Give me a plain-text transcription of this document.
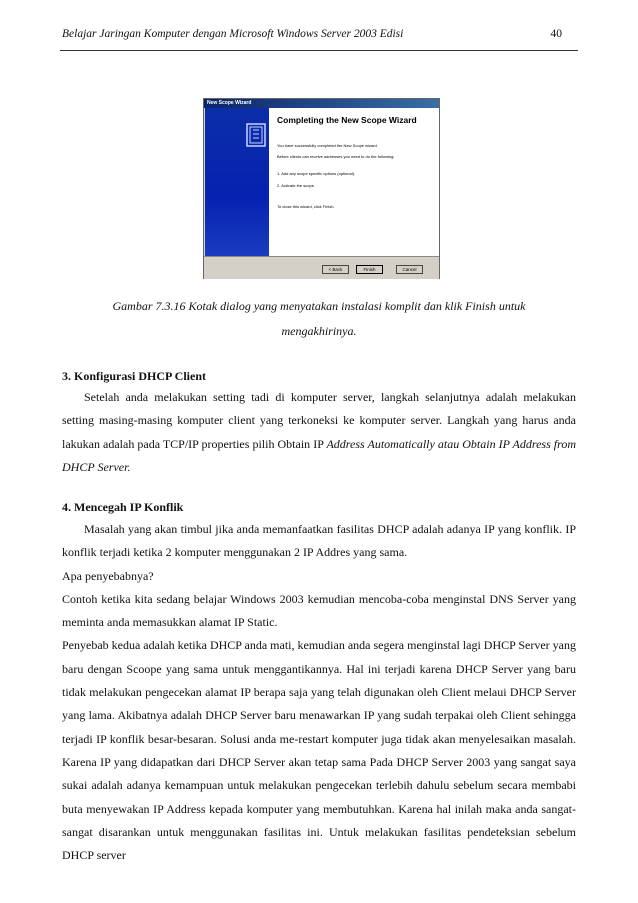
Belajar Jaringan Komputer dengan Microsoft Windows Server 2003 Edisi	40
New Scope Wizard
Completing the New Scope Wizard
You have successfully completed the New Scope wizard.
Before clients can receive addresses you need to do the following:
1. Add any scope specific options (optional).
2. Activate the scope.
To close this wizard, click Finish.
< Back	Finish	Cancel
Gambar 7.3.16 Kotak dialog yang menyatakan instalasi komplit dan klik Finish untuk
mengakhirinya.
3. Konfigurasi DHCP Client

Setelah anda melakukan setting tadi di komputer server, langkah selanjutnya adalah melakukan setting masing-masing komputer client yang terkoneksi ke komputer server. Langkah yang harus anda lakukan adalah pada TCP/IP properties pilih Obtain IP Address Automatically atau Obtain IP Address from DHCP Server.

4. Mencegah IP Konflik

Masalah yang akan timbul jika anda memanfaatkan fasilitas DHCP adalah adanya IP yang konflik. IP konflik terjadi ketika 2 komputer menggunakan 2 IP Addres yang sama.

Apa penyebabnya?

Contoh ketika kita sedang belajar Windows 2003 kemudian mencoba-coba menginstal DNS Server yang meminta anda memasukkan alamat IP Static.

Penyebab kedua adalah ketika DHCP anda mati, kemudian anda segera menginstal lagi DHCP Server yang baru dengan Scoope yang sama untuk menggantikannya. Hal ini terjadi karena DHCP Server yang baru tidak melakukan pengecekan alamat IP berapa saja yang telah digunakan oleh Client melaui DHCP Server yang lama. Akibatnya adalah DHCP Server baru menawarkan IP yang sudah terpakai oleh Client sehingga terjadi IP konflik besar-besaran. Solusi anda me-restart komputer juga tidak akan menyelesaikan masalah. Karena IP yang didapatkan dari DHCP Server akan tetap sama Pada DHCP Server 2003 yang sangat saya sukai adalah adanya kemampuan untuk melakukan pengecekan terlebih dahulu sebelum secara membabi buta menyewakan IP Address kepada komputer yang membutuhkan. Karena hal inilah maka anda sangat-sangat disarankan untuk menggunakan fasilitas ini. Untuk melakukan fasilitas pendeteksian sebelum DHCP server
